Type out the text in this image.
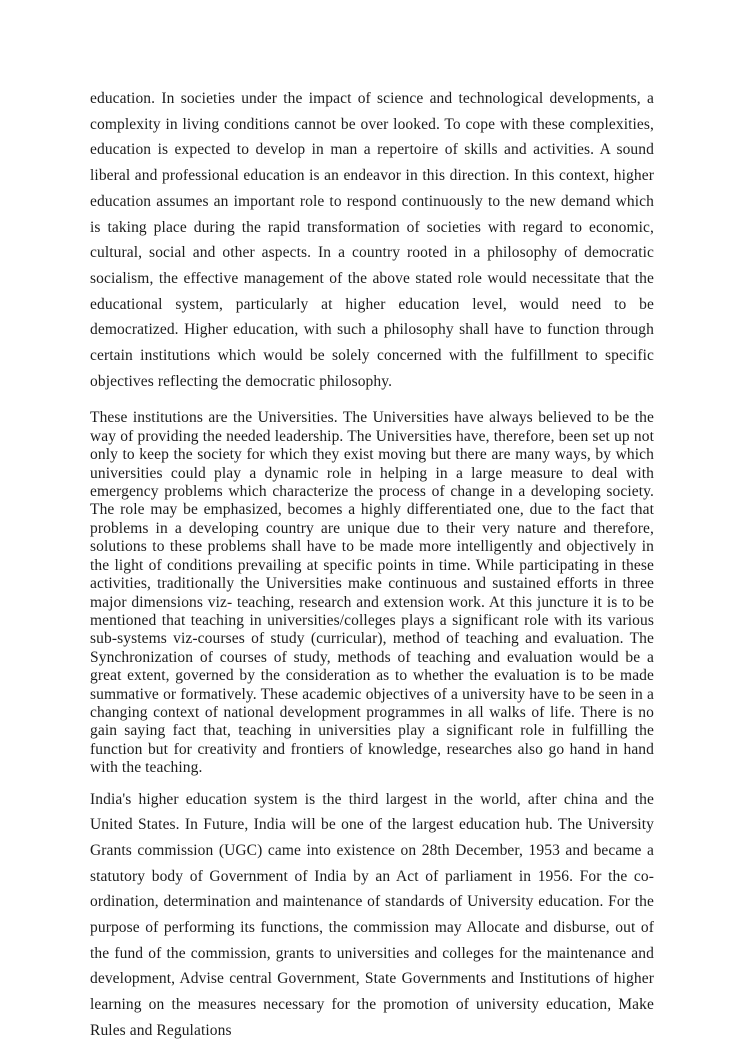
education. In societies under the impact of science and technological developments, a complexity in living conditions cannot be over looked. To cope with these complexities, education is expected to develop in man a repertoire of skills and activities. A sound liberal and professional education is an endeavor in this direction. In this context, higher education assumes an important role to respond continuously to the new demand which is taking place during the rapid transformation of societies with regard to economic, cultural, social and other aspects. In a country rooted in a philosophy of democratic socialism, the effective management of the above stated role would necessitate that the educational system, particularly at higher education level, would need to be democratized. Higher education, with such a philosophy shall have to function through certain institutions which would be solely concerned with the fulfillment to specific objectives reflecting the democratic philosophy.

These institutions are the Universities. The Universities have always believed to be the way of providing the needed leadership. The Universities have, therefore, been set up not only to keep the society for which they exist moving but there are many ways, by which universities could play a dynamic role in helping in a large measure to deal with emergency problems which characterize the process of change in a developing society. The role may be emphasized, becomes a highly differentiated one, due to the fact that problems in a developing country are unique due to their very nature and therefore, solutions to these problems shall have to be made more intelligently and objectively in the light of conditions prevailing at specific points in time. While participating in these activities, traditionally the Universities make continuous and sustained efforts in three major dimensions viz- teaching, research and extension work. At this juncture it is to be mentioned that teaching in universities/colleges plays a significant role with its various sub-systems viz-courses of study (curricular), method of teaching and evaluation. The Synchronization of courses of study, methods of teaching and evaluation would be a great extent, governed by the consideration as to whether the evaluation is to be made summative or formatively. These academic objectives of a university have to be seen in a changing context of national development programmes in all walks of life. There is no gain saying fact that, teaching in universities play a significant role in fulfilling the function but for creativity and frontiers of knowledge, researches also go hand in hand with the teaching.

India's higher education system is the third largest in the world, after china and the United States. In Future, India will be one of the largest education hub. The University Grants commission (UGC) came into existence on 28th December, 1953 and became a statutory body of Government of India by an Act of parliament in 1956. For the co-ordination, determination and maintenance of standards of University education. For the purpose of performing its functions, the commission may Allocate and disburse, out of the fund of the commission, grants to universities and colleges for the maintenance and development, Advise central Government, State Governments and Institutions of higher learning on the measures necessary for the promotion of university education, Make Rules and Regulations
